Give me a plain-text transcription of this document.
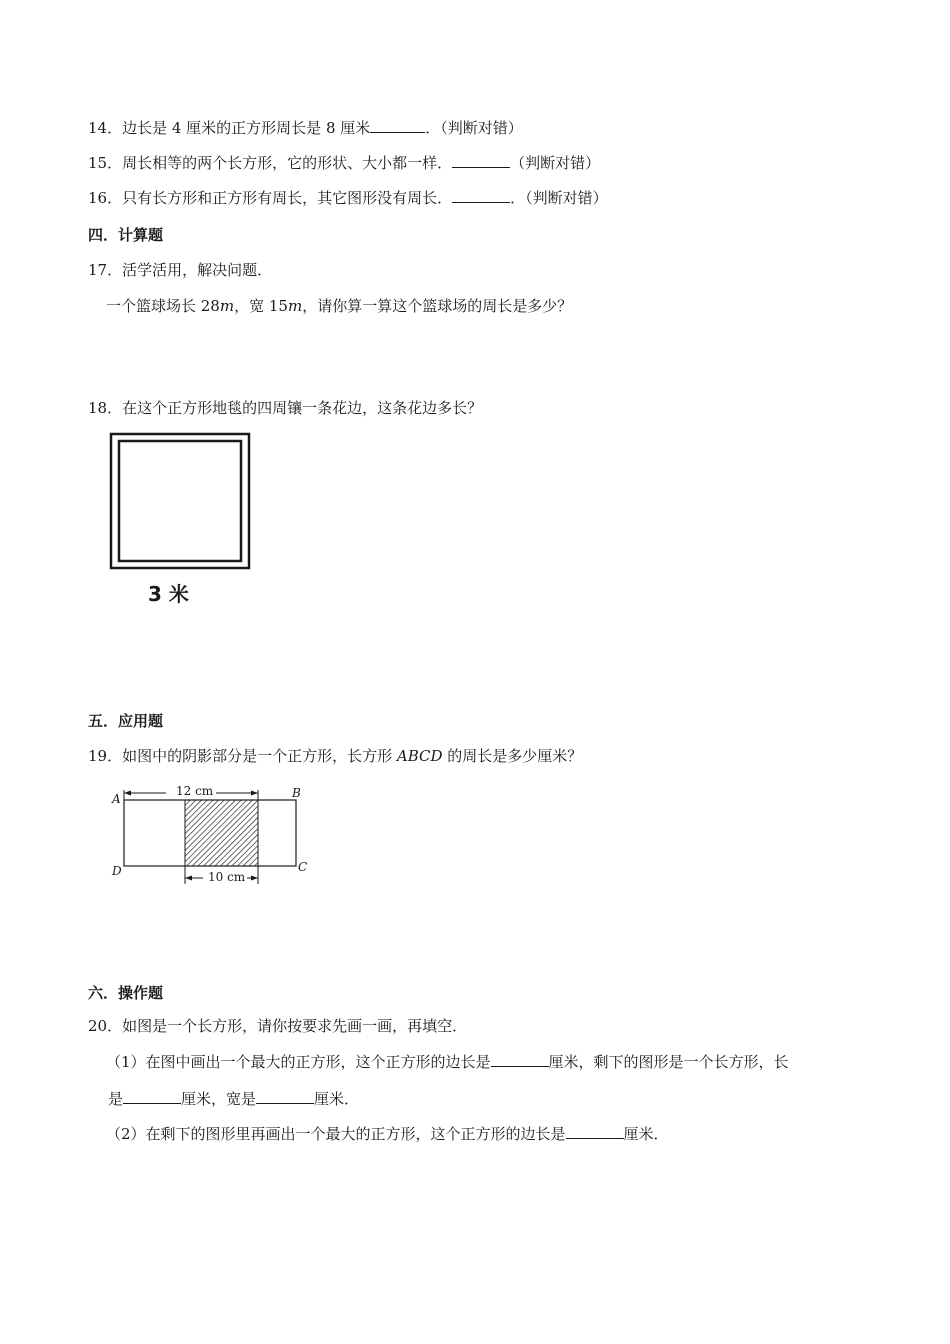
14．边长是 4 厘米的正方形周长是 8 厘米	．（判断对错）
15．周长相等的两个长方形，它的形状、大小都一样．	（判断对错）
16．只有长方形和正方形有周长，其它图形没有周长．	．（判断对错）
四．计算题
17．活学活用，解决问题．
一个篮球场长 28m，宽 15m，请你算一算这个篮球场的周长是多少？
18．在这个正方形地毯的四周镶一条花边，这条花边多长？
3 米
五．应用题
19．如图中的阴影部分是一个正方形，长方形 ABCD 的周长是多少厘米？
12 cm
10 cm
A	B
C
D
六．操作题
20．如图是一个长方形，请你按要求先画一画，再填空．
（1）在图中画出一个最大的正方形，这个正方形的边长是	厘米，剩下的图形是一个长方形，长
是	厘米，宽是	厘米．
（2）在剩下的图形里再画出一个最大的正方形，这个正方形的边长是	厘米．
